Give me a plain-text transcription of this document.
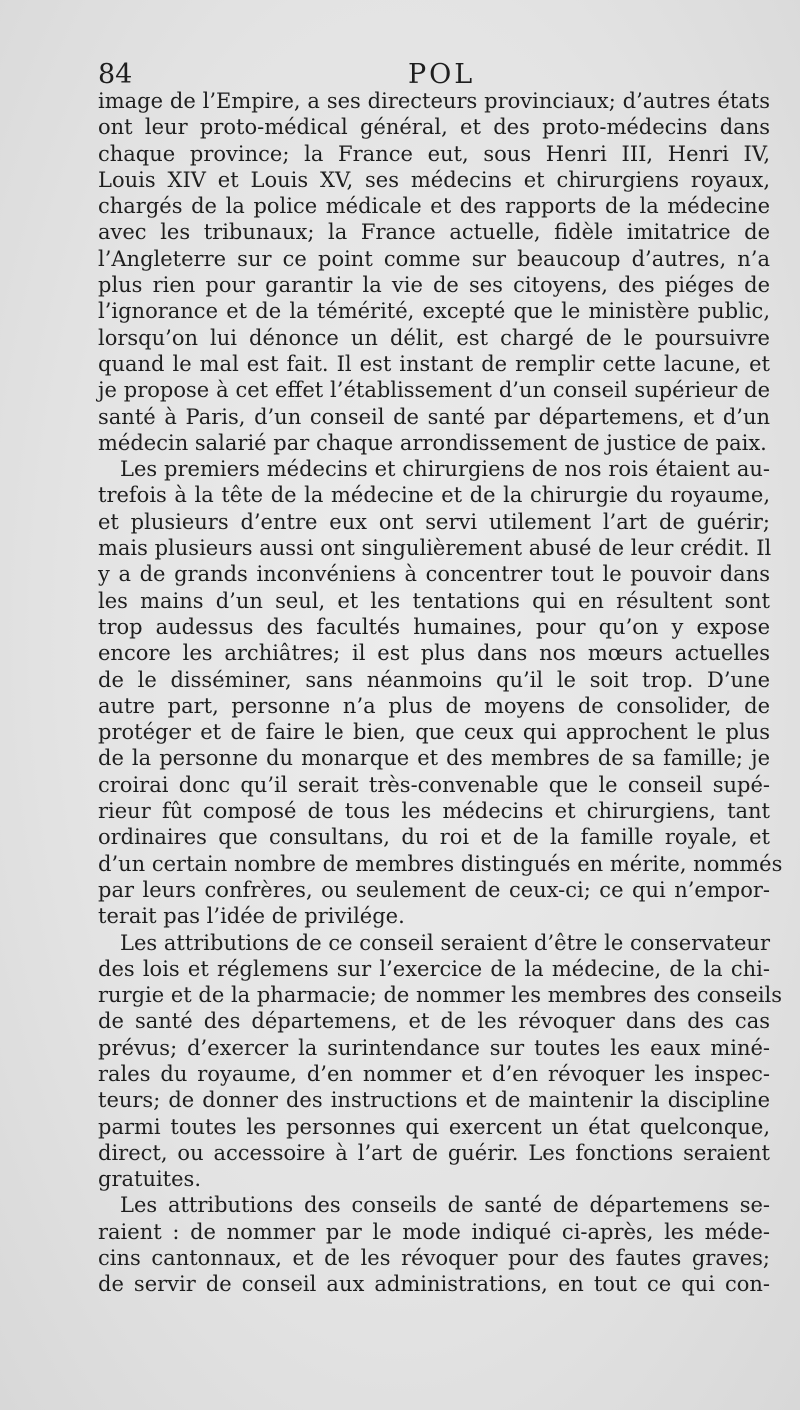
84	POL
image de l’Empire, a ses directeurs provinciaux; d’autres états
ont leur proto-médical général, et des proto-médecins dans
chaque province; la France eut, sous Henri III, Henri IV,
Louis XIV et Louis XV, ses médecins et chirurgiens royaux,
chargés de la police médicale et des rapports de la médecine
avec les tribunaux; la France actuelle, fidèle imitatrice de
l’Angleterre sur ce point comme sur beaucoup d’autres, n’a
plus rien pour garantir la vie de ses citoyens, des piéges de
l’ignorance et de la témérité, excepté que le ministère public,
lorsqu’on lui dénonce un délit, est chargé de le poursuivre
quand le mal est fait. Il est instant de remplir cette lacune, et
je propose à cet effet l’établissement d’un conseil supérieur de
santé à Paris, d’un conseil de santé par départemens, et d’un
médecin salarié par chaque arrondissement de justice de paix.
Les premiers médecins et chirurgiens de nos rois étaient au-
trefois à la tête de la médecine et de la chirurgie du royaume,
et plusieurs d’entre eux ont servi utilement l’art de guérir;
mais plusieurs aussi ont singulièrement abusé de leur crédit. Il
y a de grands inconvéniens à concentrer tout le pouvoir dans
les mains d’un seul, et les tentations qui en résultent sont
trop audessus des facultés humaines, pour qu’on y expose
encore les archiâtres; il est plus dans nos mœurs actuelles
de le disséminer, sans néanmoins qu’il le soit trop. D’une
autre part, personne n’a plus de moyens de consolider, de
protéger et de faire le bien, que ceux qui approchent le plus
de la personne du monarque et des membres de sa famille; je
croirai donc qu’il serait très-convenable que le conseil supé-
rieur fût composé de tous les médecins et chirurgiens, tant
ordinaires que consultans, du roi et de la famille royale, et
d’un certain nombre de membres distingués en mérite, nommés
par leurs confrères, ou seulement de ceux-ci; ce qui n’empor-
terait pas l’idée de privilége.
Les attributions de ce conseil seraient d’être le conservateur
des lois et réglemens sur l’exercice de la médecine, de la chi-
rurgie et de la pharmacie; de nommer les membres des conseils
de santé des départemens, et de les révoquer dans des cas
prévus; d’exercer la surintendance sur toutes les eaux miné-
rales du royaume, d’en nommer et d’en révoquer les inspec-
teurs; de donner des instructions et de maintenir la discipline
parmi toutes les personnes qui exercent un état quelconque,
direct, ou accessoire à l’art de guérir. Les fonctions seraient
gratuites.
Les attributions des conseils de santé de départemens se-
raient : de nommer par le mode indiqué ci-après, les méde-
cins cantonnaux, et de les révoquer pour des fautes graves;
de servir de conseil aux administrations, en tout ce qui con-
